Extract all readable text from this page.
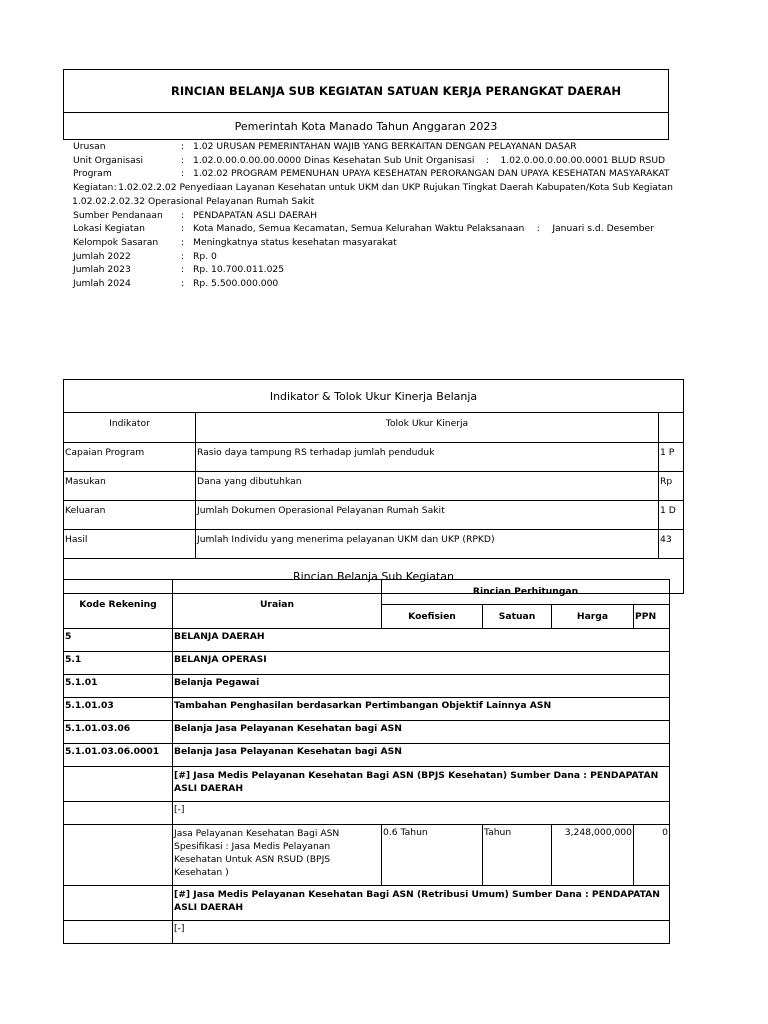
RINCIAN BELANJA SUB KEGIATAN SATUAN KERJA PERANGKAT DAERAH
Pemerintah Kota Manado Tahun Anggaran 2023
Urusan	: 1.02 URUSAN PEMERINTAHAN WAJIB YANG BERKAITAN DENGAN PELAYANAN DASAR
Unit Organisasi	: 1.02.0.00.0.00.00.0000 Dinas Kesehatan Sub Unit Organisasi	:	1.02.0.00.0.00.00.0001 BLUD RSUD
Program	: 1.02.02 PROGRAM PEMENUHAN UPAYA KESEHATAN PERORANGAN DAN UPAYA KESEHATAN MASYARAKAT
Kegiatan : 1.02.02.2.02 Penyediaan Layanan Kesehatan untuk UKM dan UKP Rujukan Tingkat Daerah Kabupaten/Kota Sub Kegiatan
1.02.02.2.02.32 Operasional Pelayanan Rumah Sakit
Sumber Pendanaan	: PENDAPATAN ASLI DAERAH
Lokasi Kegiatan	: Kota Manado, Semua Kecamatan, Semua Kelurahan Waktu Pelaksanaan	:	Januari s.d. Desember
Kelompok Sasaran	: Meningkatnya status kesehatan masyarakat
Jumlah 2022	: Rp. 0
Jumlah 2023	: Rp. 10.700.011.025
Jumlah 2024	: Rp. 5.500.000.000
Indikator & Tolok Ukur Kinerja Belanja		
Indikator	Tolok Ukur Kinerja	
Capaian Program	Rasio daya tampung RS terhadap jumlah penduduk	1 P
Masukan	Dana yang dibutuhkan	Rp
Keluaran	Jumlah Dokumen Operasional Pelayanan Rumah Sakit	1 D
Hasil	Jumlah Individu yang menerima pelayanan UKM dan UKP (RPKD)	43
Rincian Belanja Sub Kegiatan		
Kode Rekening	Uraian	Rincian Perhitungan			
		Koefisien	Satuan	Harga	PPN
5	BELANJA DAERAH				
5.1	BELANJA OPERASI				
5.1.01	Belanja Pegawai				
5.1.01.03	Tambahan Penghasilan berdasarkan Pertimbangan Objektif Lainnya ASN				
5.1.01.03.06	Belanja Jasa Pelayanan Kesehatan bagi ASN				
5.1.01.03.06.0001	Belanja Jasa Pelayanan Kesehatan bagi ASN				
	[#] Jasa Medis Pelayanan Kesehatan Bagi ASN (BPJS Kesehatan) Sumber Dana : PENDAPATAN ASLI DAERAH				
	[-]				
	Jasa Pelayanan Kesehatan Bagi ASN Spesifikasi : Jasa Medis Pelayanan Kesehatan Untuk ASN RSUD (BPJS Kesehatan )	0.6 Tahun	Tahun	3,248,000,000	0
	[#] Jasa Medis Pelayanan Kesehatan Bagi ASN (Retribusi Umum) Sumber Dana : PENDAPATAN ASLI DAERAH				
	[-]				
